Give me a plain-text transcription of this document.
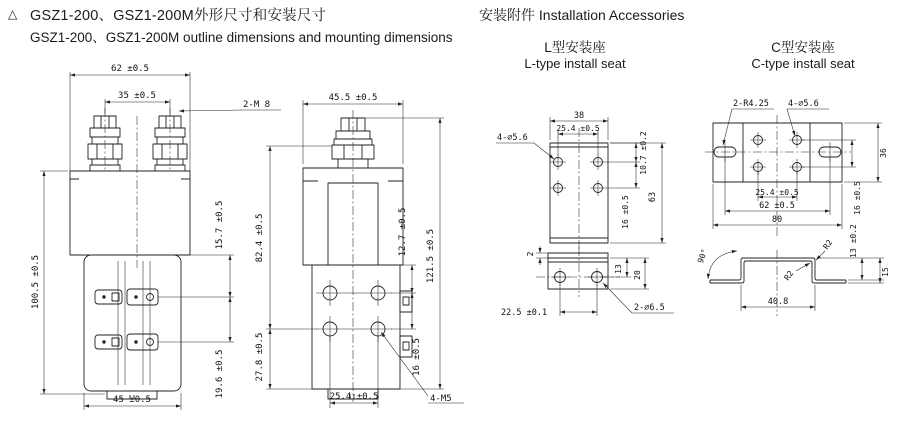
△ GSZ1-200、GSZ1-200M外形尺寸和安装尺寸
GSZ1-200、GSZ1-200M outline dimensions and mounting dimensions
安装附件 Installation Accessories
L型安装座
L-type install seat
C型安装座
C-type install seat
62 ±0.5
35 ±0.5
2-M 8
100.5 ±0.5
15.7 ±0.5
19.6 ±0.5
45 ±0.5
45.5 ±0.5
82.4 ±0.5
27.8 ±0.5
12.7 ±0.5
16 ±0.5
121.5 ±0.5
25.4 ±0.5	4-M5
38
25.4 ±0.5
10.7 ±0.2
16 ±0.5 63
4-∅5.6
2
22.5 ±0.1
13
20
2-∅6.5
2-R4.25 4-∅5.6
16 ±0.5
36
25.4 ±0.5
62 ±0.5
80
90°
R2
R2
40.8
13 ±0.2
15
